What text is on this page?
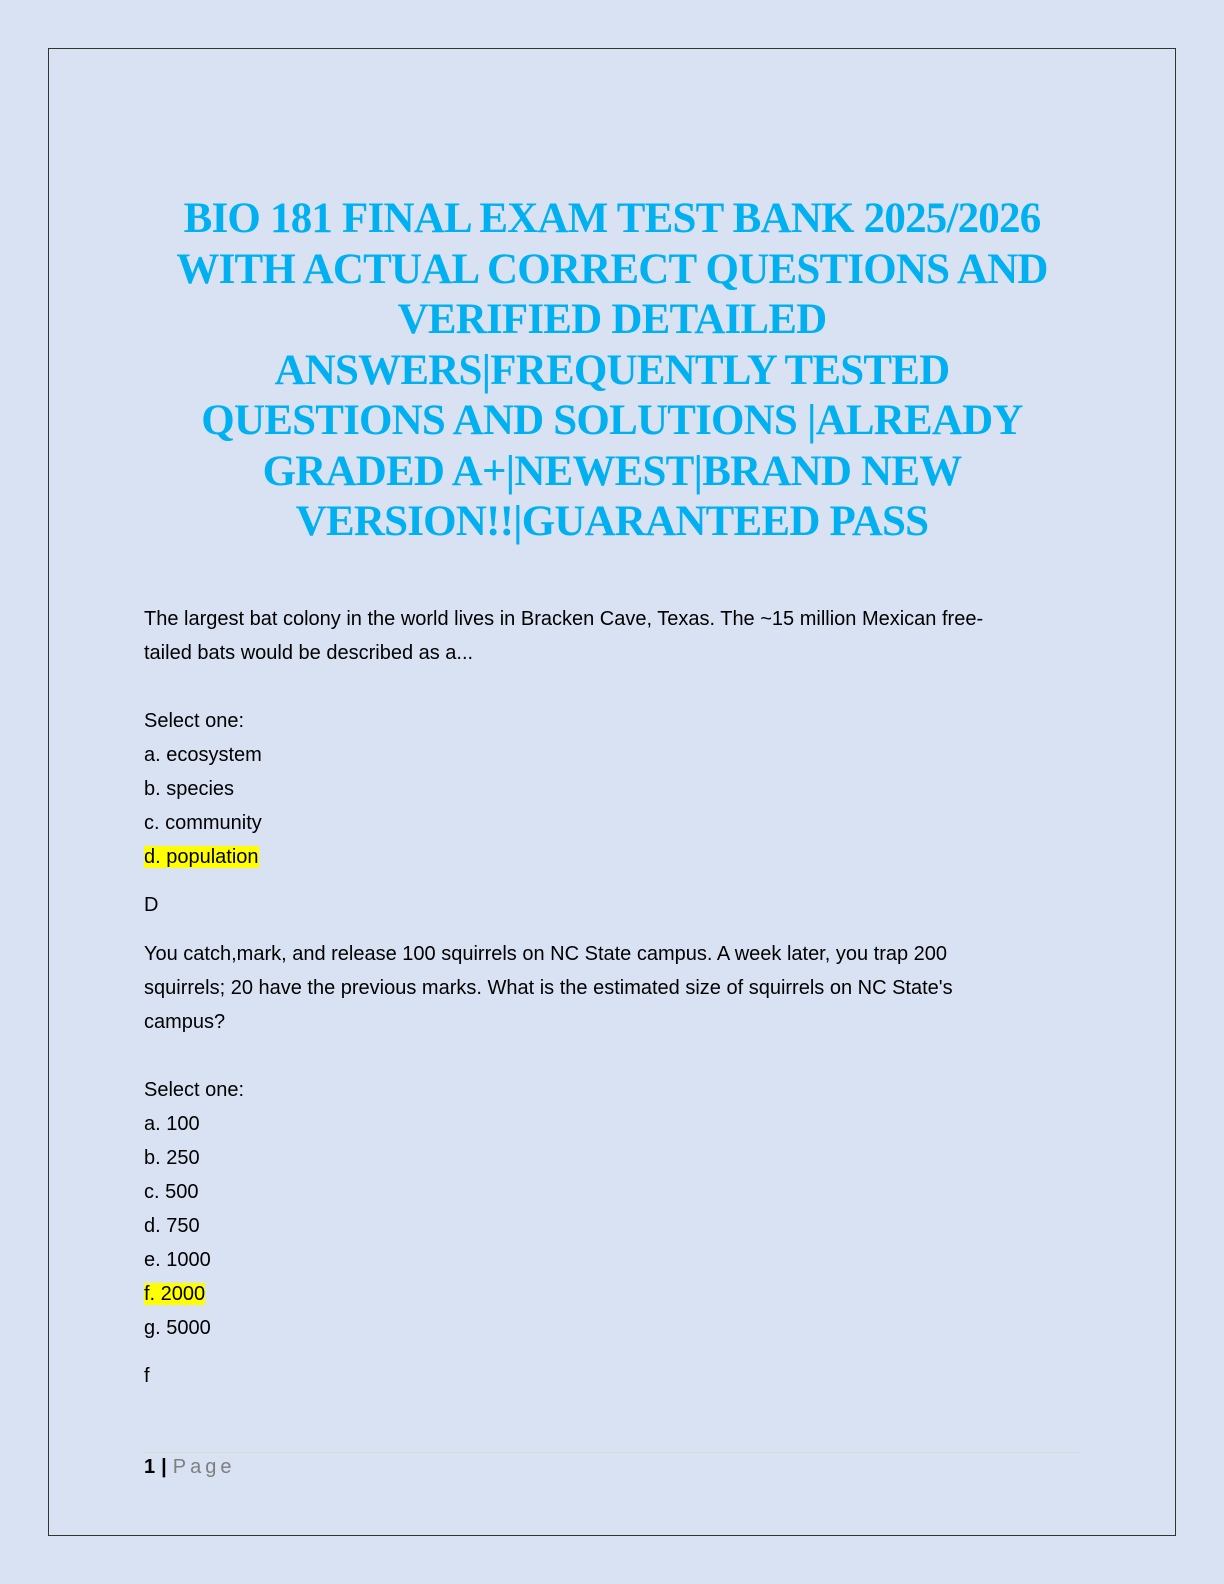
BIO 181 FINAL EXAM TEST BANK 2025/2026
WITH ACTUAL CORRECT QUESTIONS AND
VERIFIED DETAILED
ANSWERS|FREQUENTLY TESTED
QUESTIONS AND SOLUTIONS |ALREADY
GRADED A+|NEWEST|BRAND NEW
VERSION!!|GUARANTEED PASS

The largest bat colony in the world lives in Bracken Cave, Texas. The ~15 million Mexican free-
tailed bats would be described as a...

Select one:

a. ecosystem

b. species

c. community

d. population

D

You catch,mark, and release 100 squirrels on NC State campus. A week later, you trap 200
squirrels; 20 have the previous marks. What is the estimated size of squirrels on NC State's
campus?

Select one:

a. 100

b. 250

c. 500

d. 750

e. 1000

f. 2000

g. 5000

f

1 | Page
